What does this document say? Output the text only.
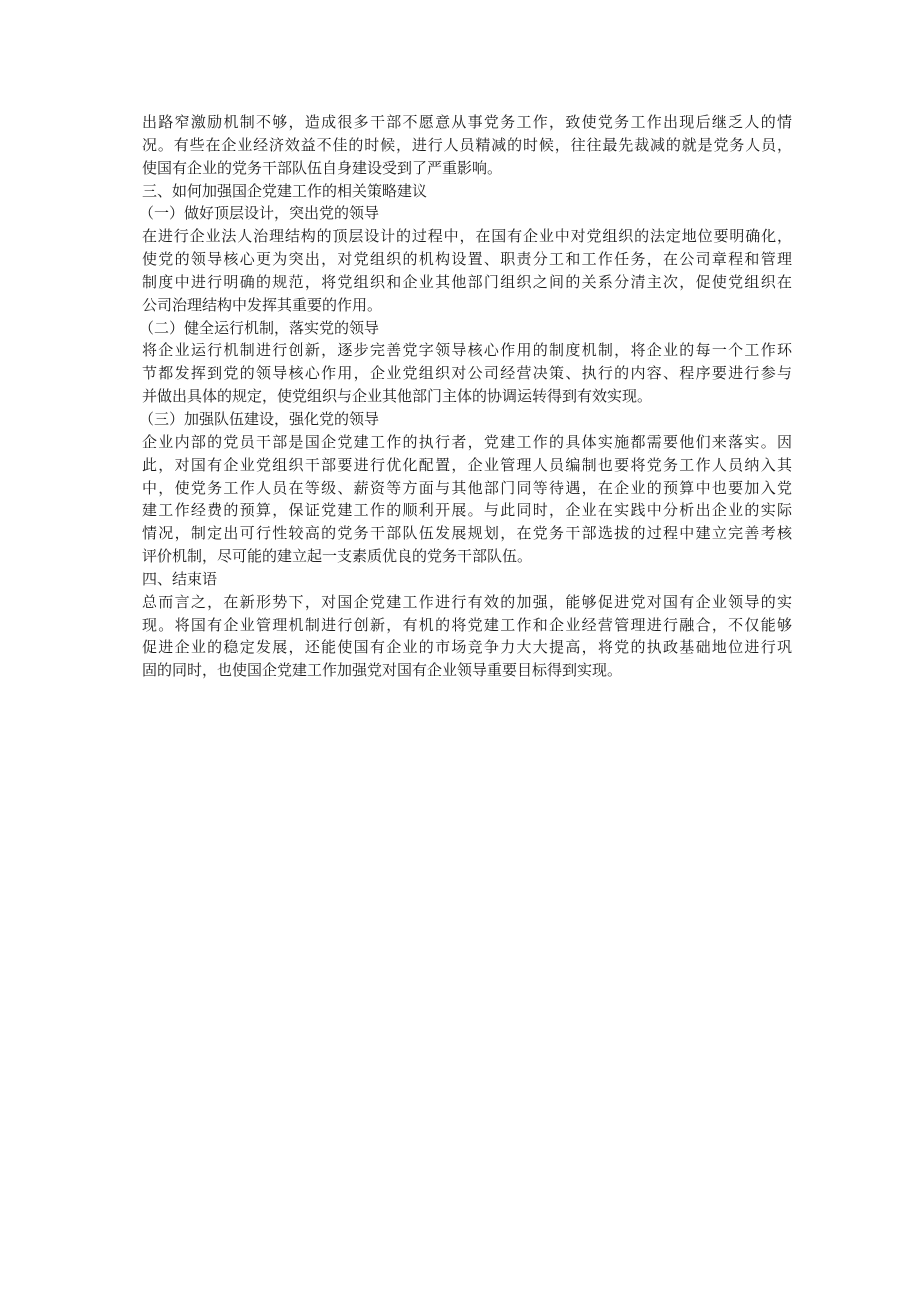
出路窄激励机制不够，造成很多干部不愿意从事党务工作，致使党务工作出现后继乏人的情
况。有些在企业经济效益不佳的时候，进行人员精减的时候，往往最先裁减的就是党务人员，
使国有企业的党务干部队伍自身建设受到了严重影响。
三、如何加强国企党建工作的相关策略建议
（一）做好顶层设计，突出党的领导
在进行企业法人治理结构的顶层设计的过程中，在国有企业中对党组织的法定地位要明确化，
使党的领导核心更为突出，对党组织的机构设置、职责分工和工作任务，在公司章程和管理
制度中进行明确的规范，将党组织和企业其他部门组织之间的关系分清主次，促使党组织在
公司治理结构中发挥其重要的作用。
（二）健全运行机制，落实党的领导
将企业运行机制进行创新，逐步完善党字领导核心作用的制度机制，将企业的每一个工作环
节都发挥到党的领导核心作用，企业党组织对公司经营决策、执行的内容、程序要进行参与
并做出具体的规定，使党组织与企业其他部门主体的协调运转得到有效实现。
（三）加强队伍建设，强化党的领导
企业内部的党员干部是国企党建工作的执行者，党建工作的具体实施都需要他们来落实。因
此，对国有企业党组织干部要进行优化配置，企业管理人员编制也要将党务工作人员纳入其
中，使党务工作人员在等级、薪资等方面与其他部门同等待遇，在企业的预算中也要加入党
建工作经费的预算，保证党建工作的顺利开展。与此同时，企业在实践中分析出企业的实际
情况，制定出可行性较高的党务干部队伍发展规划，在党务干部选拔的过程中建立完善考核
评价机制，尽可能的建立起一支素质优良的党务干部队伍。
四、结束语
总而言之，在新形势下，对国企党建工作进行有效的加强，能够促进党对国有企业领导的实
现。将国有企业管理机制进行创新，有机的将党建工作和企业经营管理进行融合，不仅能够
促进企业的稳定发展，还能使国有企业的市场竞争力大大提高，将党的执政基础地位进行巩
固的同时，也使国企党建工作加强党对国有企业领导重要目标得到实现。
